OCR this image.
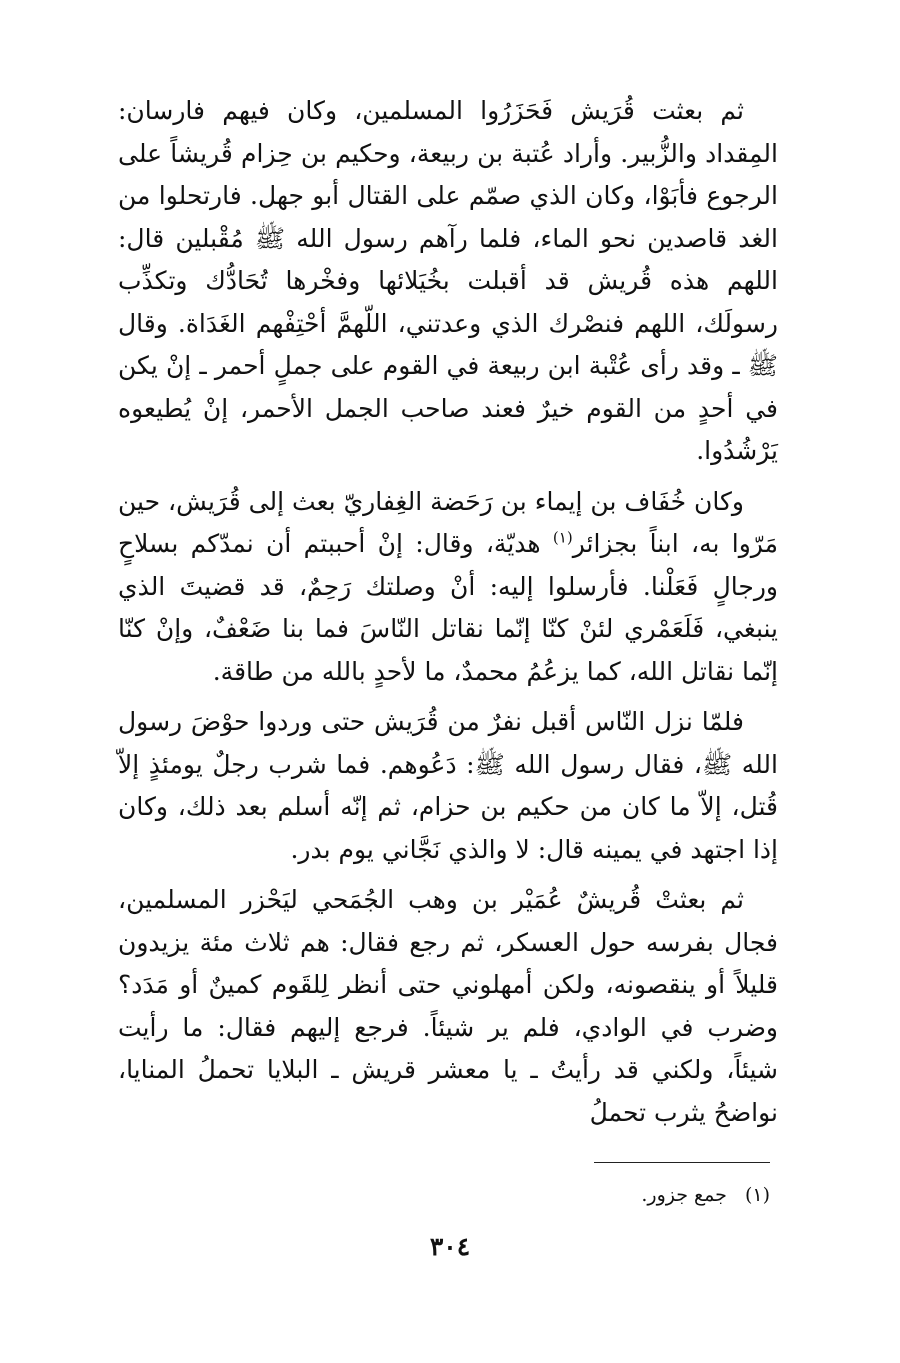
ثم بعثت قُرَيش فَحَزَرُوا المسلمين، وكان فيهم فارسان: المِقداد والزُّبير. وأراد عُتبة بن ربيعة، وحكيم بن حِزام قُريشاً على الرجوع فأبَوْا، وكان الذي صمّم على القتال أبو جهل. فارتحلوا من الغد قاصدين نحو الماء، فلما رآهم رسول الله ﷺ مُقْبلين قال: اللهم هذه قُريش قد أقبلت بخُيَلائها وفخْرها تُحَادُّك وتكذِّب رسولَك، اللهم فنصْرك الذي وعدتني، اللّهمَّ أحْتِفْهم الغَدَاة. وقال ﷺ ـ وقد رأى عُتْبة ابن ربيعة في القوم على جملٍ أحمر ـ إنْ يكن في أحدٍ من القوم خيرٌ فعند صاحب الجمل الأحمر، إنْ يُطيعوه يَرْشُدُوا.

وكان خُفَاف بن إيماء بن رَحَضة الغِفاريّ بعث إلى قُرَيش، حين مَرّوا به، ابناً بجزائر$^{(١)}$ هديّة، وقال: إنْ أحببتم أن نمدّكم بسلاحٍ ورجالٍ فَعَلْنا. فأرسلوا إليه: أنْ وصلتك رَحِمٌ، قد قضيتَ الذي ينبغي، فَلَعَمْري لئنْ كنّا إنّما نقاتل النّاسَ فما بنا ضَعْفٌ، وإنْ كنّا إنّما نقاتل الله، كما يزعُمُ محمدٌ، ما لأحدٍ بالله من طاقة.

فلمّا نزل النّاس أقبل نفرٌ من قُرَيش حتى وردوا حوْضَ رسول الله ﷺ، فقال رسول الله ﷺ: دَعُوهم. فما شرب رجلٌ يومئذٍ إلاّ قُتل، إلاّ ما كان من حكيم بن حزام، ثم إنّه أسلم بعد ذلك، وكان إذا اجتهد في يمينه قال: لا والذي نَجَّاني يوم بدر.

ثم بعثتْ قُريشٌ عُمَيْر بن وهب الجُمَحي ليَحْزر المسلمين، فجال بفرسه حول العسكر، ثم رجع فقال: هم ثلاث مئة يزيدون قليلاً أو ينقصونه، ولكن أمهلوني حتى أنظر لِلقَوم كمينٌ أو مَدَد؟ وضرب في الوادي، فلم ير شيئاً. فرجع إليهم فقال: ما رأيت شيئاً، ولكني قد رأيتُ ـ يا معشر قريش ـ البلايا تحملُ المنايا، نواضحُ يثرب تحملُ

(١) جمع جزور.
٣٠٤
